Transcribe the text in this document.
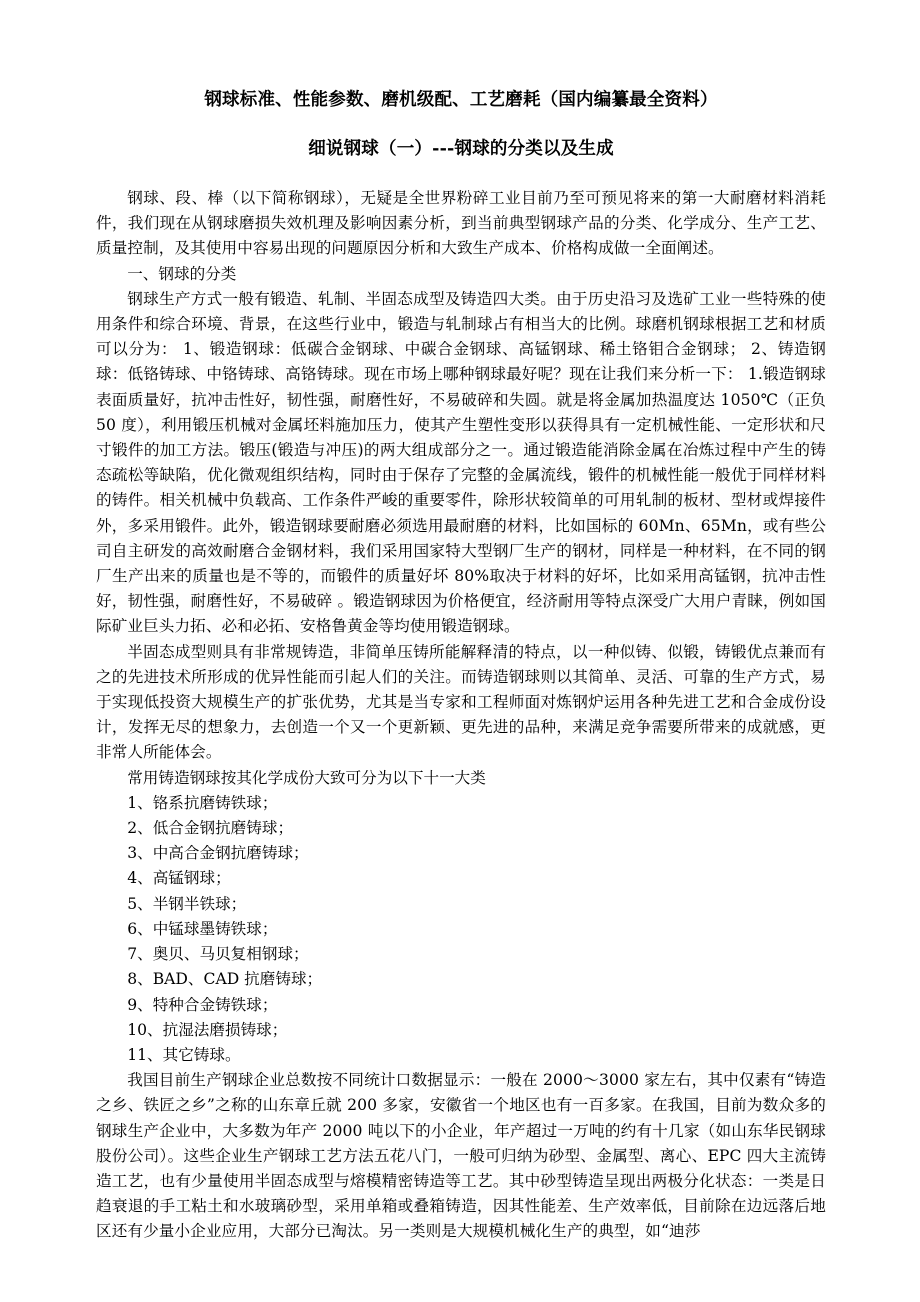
钢球标准、性能参数、磨机级配、工艺磨耗（国内编纂最全资料）
细说钢球（一）---钢球的分类以及生成

钢球、段、棒（以下简称钢球），无疑是全世界粉碎工业目前乃至可预见将来的第一大耐磨材料消耗件，我们现在从钢球磨损失效机理及影响因素分析，到当前典型钢球产品的分类、化学成分、生产工艺、质量控制，及其使用中容易出现的问题原因分析和大致生产成本、价格构成做一全面阐述。

一、钢球的分类

钢球生产方式一般有锻造、轧制、半固态成型及铸造四大类。由于历史沿习及选矿工业一些特殊的使用条件和综合环境、背景，在这些行业中，锻造与轧制球占有相当大的比例。球磨机钢球根据工艺和材质可以分为： 1、锻造钢球：低碳合金钢球、中碳合金钢球、高锰钢球、稀土铬钼合金钢球； 2、铸造钢球：低铬铸球、中铬铸球、高铬铸球。现在市场上哪种钢球最好呢？现在让我们来分析一下： 1.锻造钢球 表面质量好，抗冲击性好，韧性强，耐磨性好，不易破碎和失圆。就是将金属加热温度达 1050℃（正负 50 度），利用锻压机械对金属坯料施加压力，使其产生塑性变形以获得具有一定机械性能、一定形状和尺寸锻件的加工方法。锻压(锻造与冲压)的两大组成部分之一。通过锻造能消除金属在冶炼过程中产生的铸态疏松等缺陷，优化微观组织结构，同时由于保存了完整的金属流线，锻件的机械性能一般优于同样材料的铸件。相关机械中负载高、工作条件严峻的重要零件，除形状较简单的可用轧制的板材、型材或焊接件外，多采用锻件。此外，锻造钢球要耐磨必须选用最耐磨的材料，比如国标的 60Mn、65Mn，或有些公司自主研发的高效耐磨合金钢材料，我们采用国家特大型钢厂生产的钢材，同样是一种材料，在不同的钢厂生产出来的质量也是不等的，而锻件的质量好坏 80%取决于材料的好坏，比如采用高锰钢，抗冲击性好，韧性强，耐磨性好，不易破碎 。锻造钢球因为价格便宜，经济耐用等特点深受广大用户青睐，例如国际矿业巨头力拓、必和必拓、安格鲁黄金等均使用锻造钢球。

半固态成型则具有非常规铸造，非简单压铸所能解释清的特点，以一种似铸、似锻，铸锻优点兼而有之的先进技术所形成的优异性能而引起人们的关注。而铸造钢球则以其简单、灵活、可靠的生产方式，易于实现低投资大规模生产的扩张优势，尤其是当专家和工程师面对炼钢炉运用各种先进工艺和合金成份设计，发挥无尽的想象力，去创造一个又一个更新颖、更先进的品种，来满足竞争需要所带来的成就感，更非常人所能体会。

常用铸造钢球按其化学成份大致可分为以下十一大类

1、铬系抗磨铸铁球；
2、低合金钢抗磨铸球；
3、中高合金钢抗磨铸球；
4、高锰钢球；
5、半钢半铁球；
6、中锰球墨铸铁球；
7、奥贝、马贝复相钢球；
8、BAD、CAD 抗磨铸球；
9、特种合金铸铁球；
10、抗湿法磨损铸球；
11、其它铸球。

我国目前生产钢球企业总数按不同统计口数据显示：一般在 2000～3000 家左右，其中仅素有“铸造之乡、铁匠之乡”之称的山东章丘就 200 多家，安徽省一个地区也有一百多家。在我国，目前为数众多的钢球生产企业中，大多数为年产 2000 吨以下的小企业，年产超过一万吨的约有十几家（如山东华民钢球股份公司）。这些企业生产钢球工艺方法五花八门，一般可归纳为砂型、金属型、离心、EPC 四大主流铸造工艺，也有少量使用半固态成型与熔模精密铸造等工艺。其中砂型铸造呈现出两极分化状态：一类是日趋衰退的手工粘土和水玻璃砂型，采用单箱或叠箱铸造，因其性能差、生产效率低，目前除在边远落后地区还有少量小企业应用，大部分已淘汰。另一类则是大规模机械化生产的典型，如“迪莎
